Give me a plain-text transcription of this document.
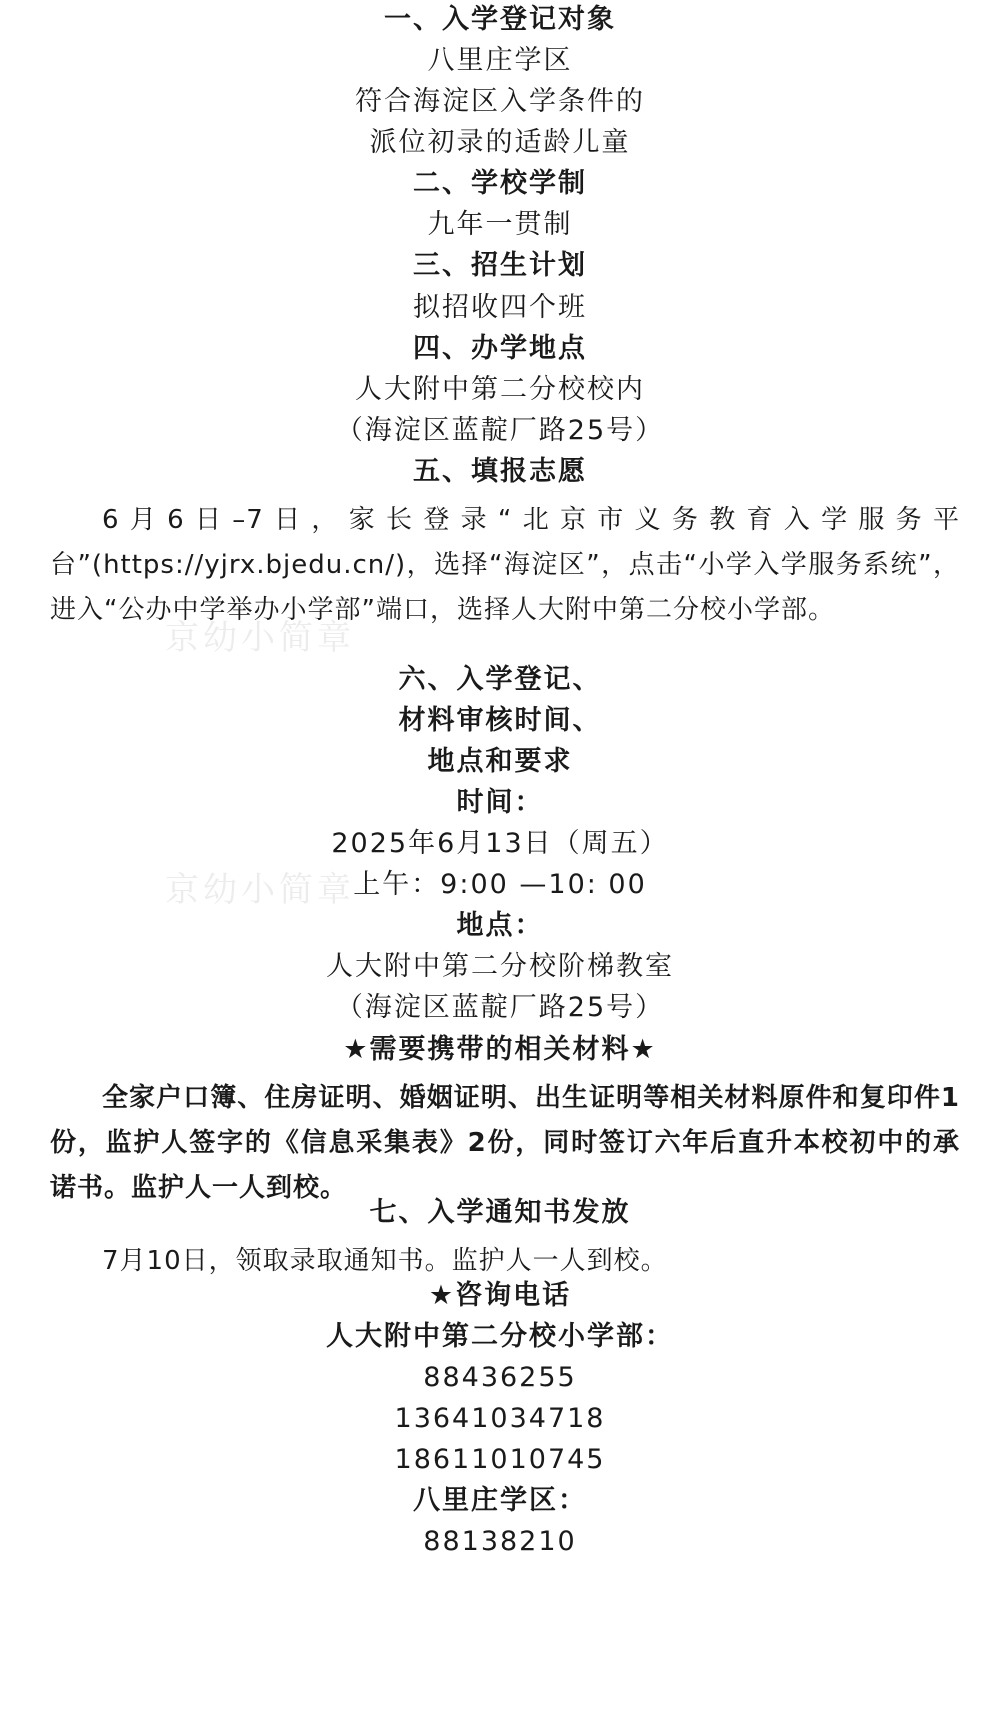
京幼小简章
京幼小简章
一、入学登记对象
八里庄学区
符合海淀区入学条件的
派位初录的适龄儿童
二、学校学制
九年一贯制
三、招生计划
拟招收四个班
四、办学地点
人大附中第二分校校内
（海淀区蓝靛厂路25号）
五、填报志愿

6月6日–7日，家长登录“北京市义务教育入学服务平台”(https://yjrx.bjedu.cn/)，选择“海淀区”，点击“小学入学服务系统”，进入“公办中学举办小学部”端口，选择人大附中第二分校小学部。

六、入学登记、
材料审核时间、
地点和要求
时间：
2025年6月13日（周五）
上午：9:00 —10: 00
地点：
人大附中第二分校阶梯教室
（海淀区蓝靛厂路25号）
★需要携带的相关材料★

全家户口簿、住房证明、婚姻证明、出生证明等相关材料原件和复印件1份，监护人签字的《信息采集表》2份，同时签订六年后直升本校初中的承诺书。监护人一人到校。

七、入学通知书发放

7月10日，领取录取通知书。监护人一人到校。

★咨询电话
人大附中第二分校小学部：
88436255
13641034718
18611010745
八里庄学区：
88138210
